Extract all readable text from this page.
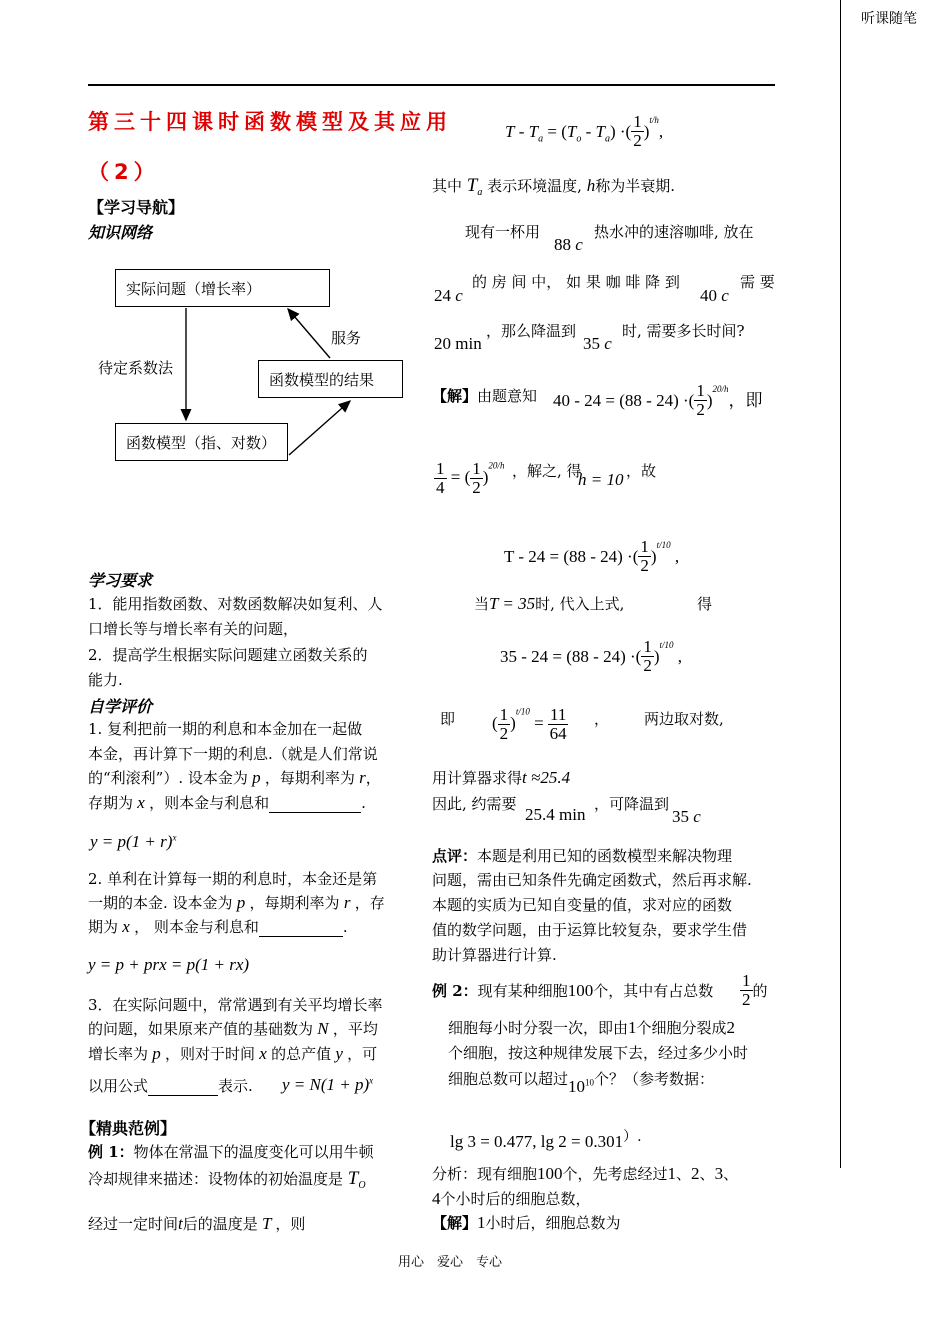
听课随笔
第三十四课时函数模型及其应用
（2）
【学习导航】
知识网络
实际问题（增长率）
函数模型的结果
函数模型（指、对数）
待定系数法
服务
学习要求
1．能用指数函数、对数函数解决如复利、人
口增长等与增长率有关的问题，
2．提高学生根据实际问题建立函数关系的
能力.
自学评价
1. 复利把前一期的利息和本金加在一起做
本金，再计算下一期的利息.（就是人们常说
的“利滚利”）. 设本金为 p ，每期利率为 r，
存期为 x ，则本金与利息和	.
$y = p(1 + r)^x$
2. 单利在计算每一期的利息时，本金还是第
一期的本金. 设本金为 p ，每期利率为 r ，存
期为 x ， 则本金与利息和	.
y = p + prx = p(1 + rx)
3．在实际问题中，常常遇到有关平均增长率
的问题，如果原来产值的基础数为 N ，平均
增长率为 p ，则对于时间 x 的总产值 y ，可
以用公式	表示. $y = N(1 + p)^x$
【精典范例】
例 1：物体在常温下的温度变化可以用牛顿
冷却规律来描述：设物体的初始温度是 $T_O$
经过一定时间t后的温度是 T ，则
$T - T_a = (T_o - T_a)$ ·( $\frac{1}{2} )^{t/h}$,
其中 $T_a$ 表示环境温度, h称为半衰期.
现有一杯用
88 c
热水冲的速溶咖啡, 放在
24 c
的 房 间 中， 如 果 咖 啡 降 到
40 c
需 要
20 min
，那么降温到
35 c
时, 需要多长时间?
【解】由题意知 40 - 24 = (88 - 24) ·( $\frac{1}{2} )^{20/h}$，即
$\frac{1}{4}$ = ( $\frac{1}{2} )^{20/h}$ ，解之, 得
h = 10 ，故
T - 24 = (88 - 24) ·( $\frac{1}{2} )^{t/10}$ ,
当T = 35时, 代入上式,	得
35 - 24 = (88 - 24) ·( $\frac{1}{2} )^{t/10}$ ,
即 ( $\frac{1}{2} )^{t/10} = \frac{11}{64}$ ， 两边取对数,
用计算器求得t ≈25.4
因此, 约需要
25.4 min
，可降温到
35 c
点评：本题是利用已知的函数模型来解决物理
问题，需由已知条件先确定函数式，然后再求解.
本题的实质为已知自变量的值，求对应的函数
值的数学问题，由于运算比较复杂，要求学生借
助计算器进行计算.
例 2：现有某种细胞100个，其中有占总数 $\frac{1}{2}$ 的
细胞每小时分裂一次，即由1个细胞分裂成2
个细胞，按这种规律发展下去，经过多少小时
细胞总数可以超过$10^{10}$个？（参考数据：
lg 3 = 0.477, lg 2 = 0.301）.
分析：现有细胞100个，先考虑经过1、2、3、
4个小时后的细胞总数，
【解】1小时后，细胞总数为
用心　爱心　专心
